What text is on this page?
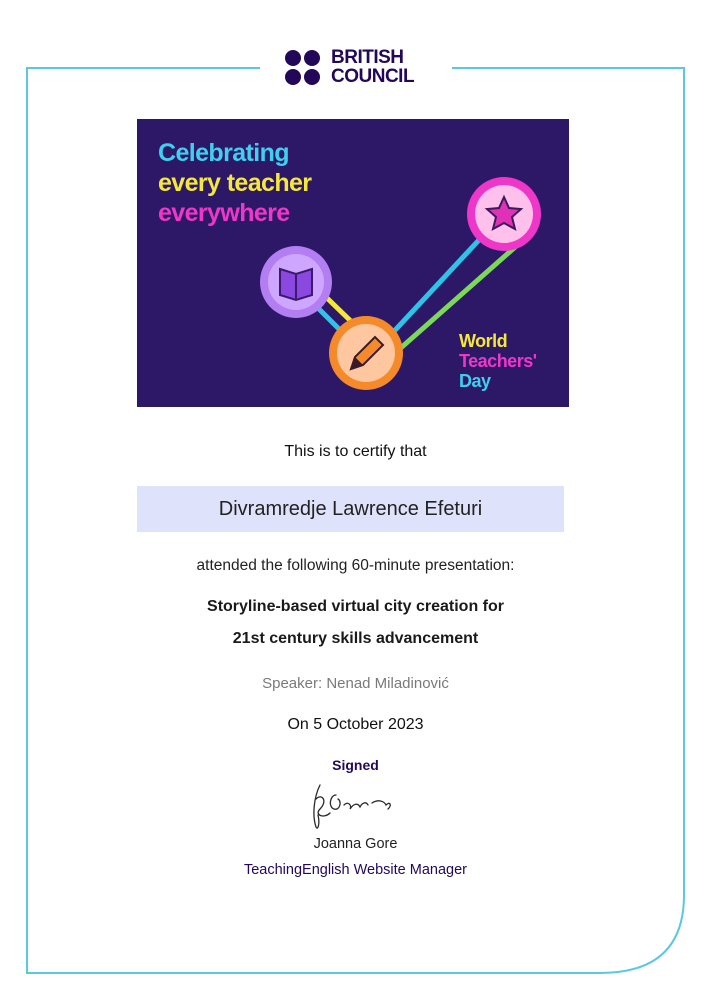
BRITISH
COUNCIL
Celebrating
every teacher
everywhere
World
Teachers'
Day
This is to certify that
Divramredje Lawrence Efeturi
attended the following 60-minute presentation:
Storyline-based virtual city creation for
21st century skills advancement
Speaker: Nenad Miladinović
On 5 October 2023
Signed
Joanna Gore
TeachingEnglish Website Manager
